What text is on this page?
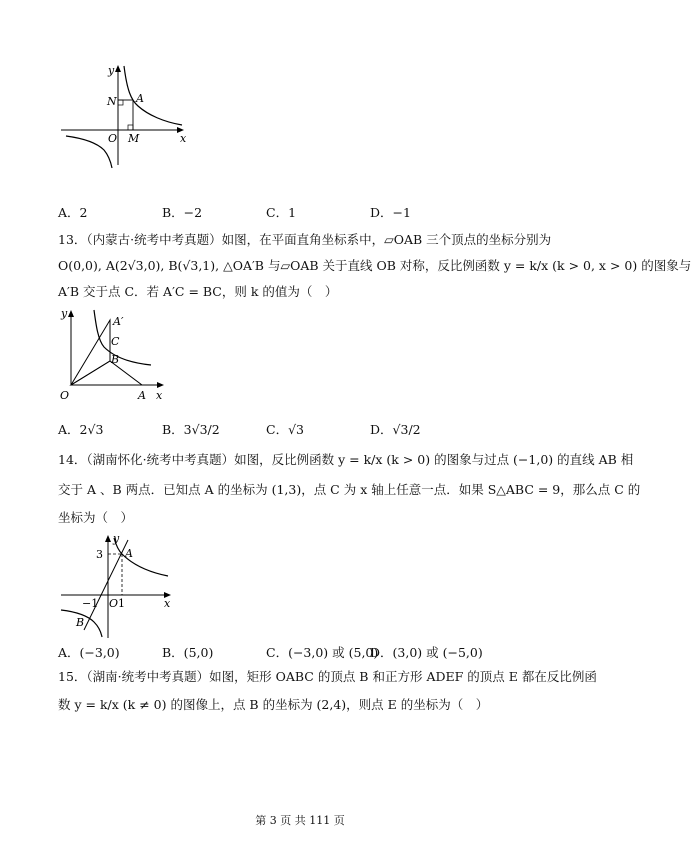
y
x
O M
N A
A．2	B．−2	C．1	D．−1
13．（内蒙古·统考中考真题）如图，在平面直角坐标系中，▱OAB 三个顶点的坐标分别为
O(0,0), A(2√3,0), B(√3,1), △OA′B 与▱OAB 关于直线 OB 对称，反比例函数 y = k/x (k > 0, x > 0) 的图象与
A′B 交于点 C．若 A′C = BC，则 k 的值为（　）
y
x
O	A
A′
C
B
A．2√3	B．3√3/2	C．√3	D．√3/2
14．（湖南怀化·统考中考真题）如图，反比例函数 y = k/x (k > 0) 的图象与过点 (−1,0) 的直线 AB 相
交于 A 、B 两点．已知点 A 的坐标为 (1,3)，点 C 为 x 轴上任意一点．如果 S△ABC = 9，那么点 C 的
坐标为（　）
y
x
3 A
−1 O 1
B
A．(−3,0)	B．(5,0)	C．(−3,0) 或 (5,0)
D．(3,0) 或 (−5,0)
15．（湖南·统考中考真题）如图，矩形 OABC 的顶点 B 和正方形 ADEF 的顶点 E 都在反比例函
数 y = k/x (k ≠ 0) 的图像上，点 B 的坐标为 (2,4)，则点 E 的坐标为（　）
第 3 页 共 111 页
